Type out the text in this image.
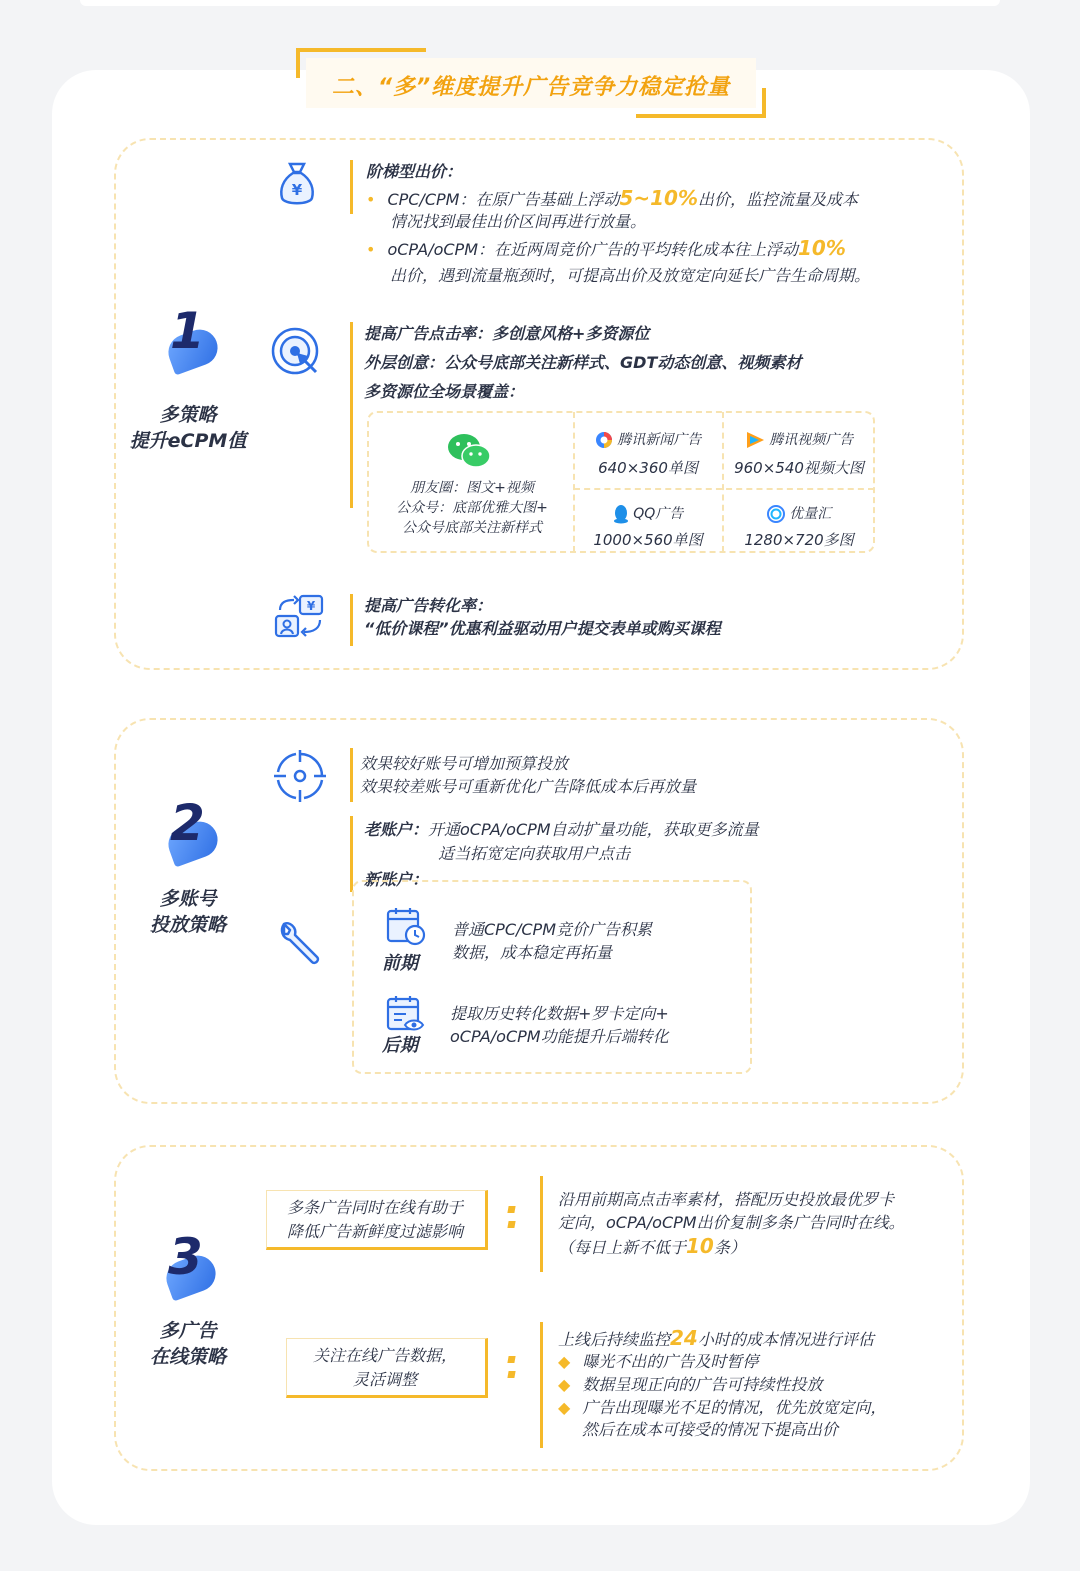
二、“多”维度提升广告竞争力稳定抢量
1
多策略
提升eCPM值
¥
阶梯型出价：
• CPC/CPM：在原广告基础上浮动5~10%出价，监控流量及成本
情况找到最佳出价区间再进行放量。
• oCPA/oCPM：在近两周竞价广告的平均转化成本往上浮动10%
出价，遇到流量瓶颈时，可提高出价及放宽定向延长广告生命周期。
提高广告点击率：多创意风格+多资源位
外层创意：公众号底部关注新样式、GDT动态创意、视频素材
多资源位全场景覆盖：
朋友圈：图文+视频
公众号：底部优雅大图+
公众号底部关注新样式
腾讯新闻广告
640×360单图
腾讯视频广告
960×540视频大图
QQ广告
1000×560单图
优量汇
1280×720多图
¥	提高广告转化率：
“低价课程”优惠利益驱动用户提交表单或购买课程
2
多账号
投放策略
效果较好账号可增加预算投放
效果较差账号可重新优化广告降低成本后再放量
老账户：开通oCPA/oCPM自动扩量功能，获取更多流量
适当拓宽定向获取用户点击
新账户：
前期
普通CPC/CPM竞价广告积累
数据，成本稳定再拓量
后期
提取历史转化数据+罗卡定向+
oCPA/oCPM功能提升后端转化
3
多广告
在线策略
多条广告同时在线有助于
降低广告新鲜度过滤影响
沿用前期高点击率素材，搭配历史投放最优罗卡
定向，oCPA/oCPM出价复制多条广告同时在线。
（每日上新不低于10条）
关注在线广告数据，
灵活调整
上线后持续监控24小时的成本情况进行评估
◆ 曝光不出的广告及时暂停
◆ 数据呈现正向的广告可持续性投放
◆ 广告出现曝光不足的情况，优先放宽定向，
然后在成本可接受的情况下提高出价
